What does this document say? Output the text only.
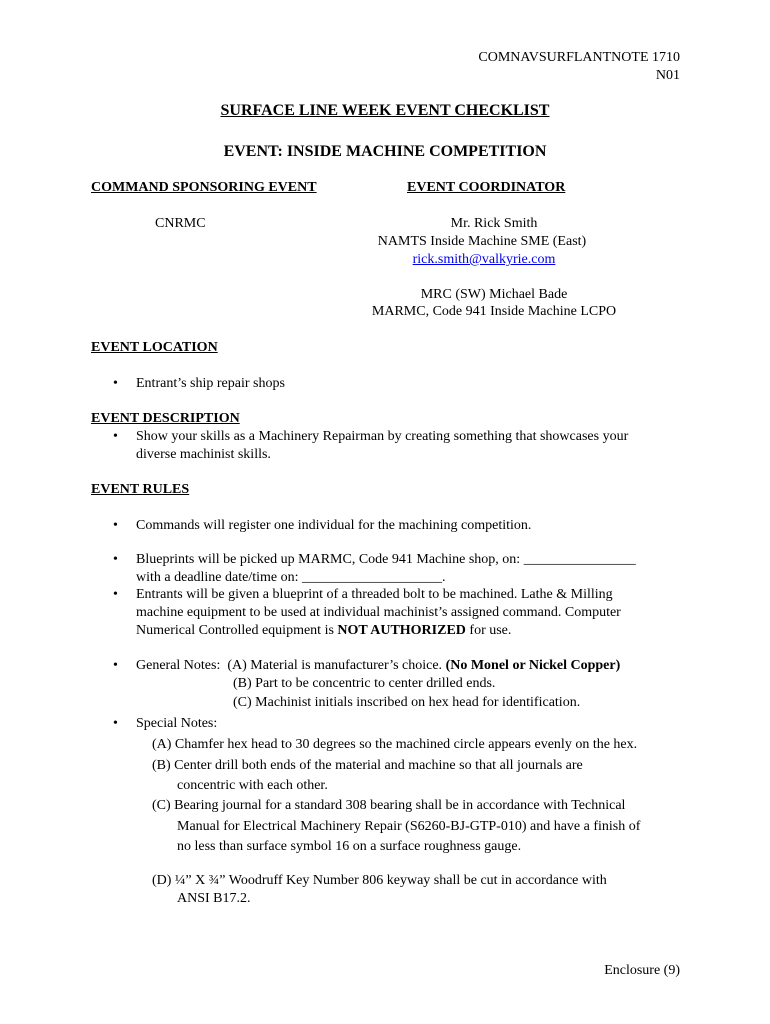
COMNAVSURFLANTNOTE 1710
N01
SURFACE LINE WEEK EVENT CHECKLIST
EVENT: INSIDE MACHINE COMPETITION
COMMAND SPONSORING EVENT	EVENT COORDINATOR
CNRMC	Mr. Rick Smith
NAMTS Inside Machine SME (East)
rick.smith@valkyrie.com
MRC (SW) Michael Bade
MARMC, Code 941 Inside Machine LCPO
EVENT LOCATION
• Entrant’s ship repair shops
EVENT DESCRIPTION
• Show your skills as a Machinery Repairman by creating something that showcases your
diverse machinist skills.
EVENT RULES
• Commands will register one individual for the machining competition.
• Blueprints will be picked up MARMC, Code 941 Machine shop, on: ________________
with a deadline date/time on: ____________________.
• Entrants will be given a blueprint of a threaded bolt to be machined. Lathe & Milling
machine equipment to be used at individual machinist’s assigned command. Computer
Numerical Controlled equipment is NOT AUTHORIZED for use.
• General Notes:  (A) Material is manufacturer’s choice. (No Monel or Nickel Copper)
(B) Part to be concentric to center drilled ends.
(C) Machinist initials inscribed on hex head for identification.
• Special Notes:
(A) Chamfer hex head to 30 degrees so the machined circle appears evenly on the hex.
(B) Center drill both ends of the material and machine so that all journals are
concentric with each other.
(C) Bearing journal for a standard 308 bearing shall be in accordance with Technical
Manual for Electrical Machinery Repair (S6260-BJ-GTP-010) and have a finish of
no less than surface symbol 16 on a surface roughness gauge.
(D) ¼” X ¾” Woodruff Key Number 806 keyway shall be cut in accordance with
ANSI B17.2.
Enclosure (9)
